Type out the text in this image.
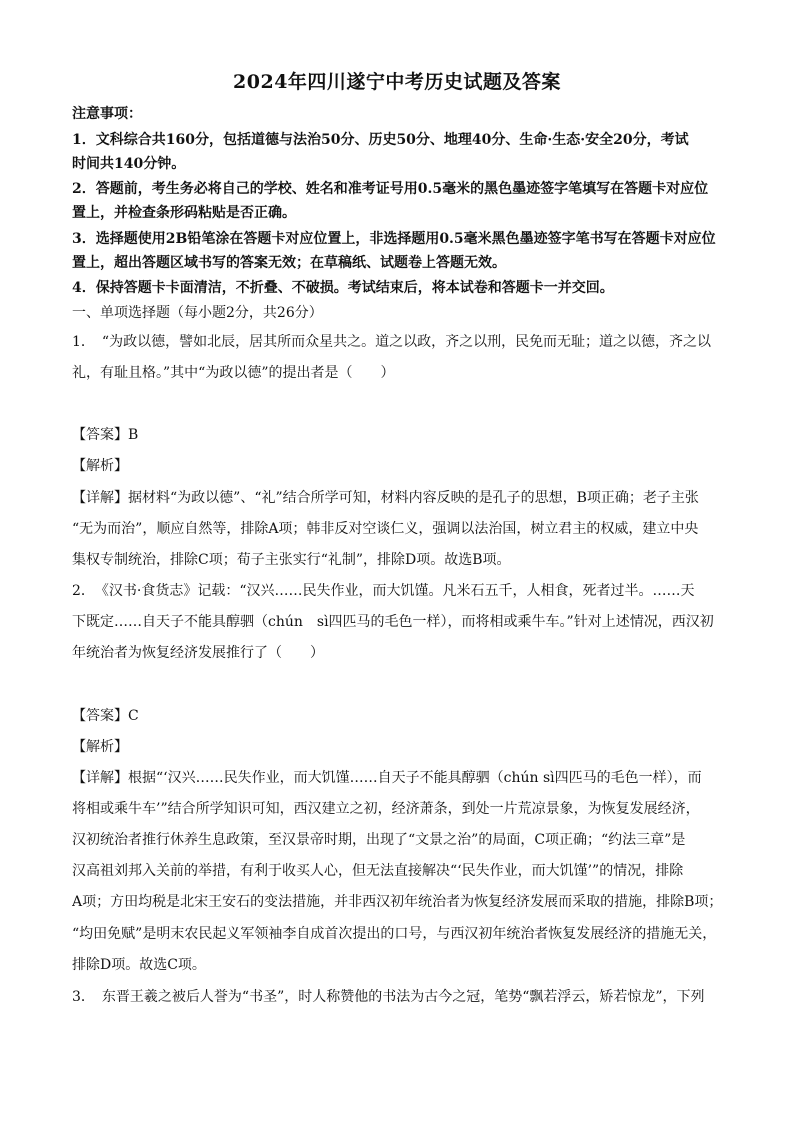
2024年四川遂宁中考历史试题及答案
注意事项：
1．文科综合共160分，包括道德与法治50分、历史50分、地理40分、生命·生态·安全20分，考试
时间共140分钟。
2．答题前，考生务必将自己的学校、姓名和准考证号用0.5毫米的黑色墨迹签字笔填写在答题卡对应位
置上，并检查条形码粘贴是否正确。
3．选择题使用2B铅笔涂在答题卡对应位置上，非选择题用0.5毫米黑色墨迹签字笔书写在答题卡对应位
置上，超出答题区域书写的答案无效；在草稿纸、试题卷上答题无效。
4．保持答题卡卡面清洁，不折叠、不破损。考试结束后，将本试卷和答题卡一并交回。
一、单项选择题（每小题2分，共26分）
1．　“为政以德，譬如北辰，居其所而众星共之。道之以政，齐之以刑，民免而无耻；道之以德，齐之以
礼，有耻且格。”其中“为政以德”的提出者是（　　）
【答案】B
【解析】
【详解】据材料“为政以德”、“礼”结合所学可知，材料内容反映的是孔子的思想，B项正确；老子主张
“无为而治”，顺应自然等，排除A项；韩非反对空谈仁义，强调以法治国，树立君主的权威，建立中央
集权专制统治，排除C项；荀子主张实行“礼制”，排除D项。故选B项。
2．　《汉书·食货志》记载：“汉兴……民失作业，而大饥馑。凡米石五千，人相食，死者过半。……天
下既定……自天子不能具醇驷（chún　sì四匹马的毛色一样），而将相或乘牛车。”针对上述情况，西汉初
年统治者为恢复经济发展推行了（　　）
【答案】C
【解析】
【详解】根据“‘汉兴……民失作业，而大饥馑……自天子不能具醇驷（chún sì四匹马的毛色一样），而
将相或乘牛车’”结合所学知识可知，西汉建立之初，经济萧条，到处一片荒凉景象，为恢复发展经济，
汉初统治者推行休养生息政策，至汉景帝时期，出现了“文景之治”的局面，C项正确；“约法三章”是
汉高祖刘邦入关前的举措，有利于收买人心，但无法直接解决“‘民失作业，而大饥馑’”的情况，排除
A项；方田均税是北宋王安石的变法措施，并非西汉初年统治者为恢复经济发展而采取的措施，排除B项；
“均田免赋”是明末农民起义军领袖李自成首次提出的口号，与西汉初年统治者恢复发展经济的措施无关，
排除D项。故选C项。
3．　东晋王羲之被后人誉为“书圣”，时人称赞他的书法为古今之冠，笔势“飘若浮云，矫若惊龙”，下列
